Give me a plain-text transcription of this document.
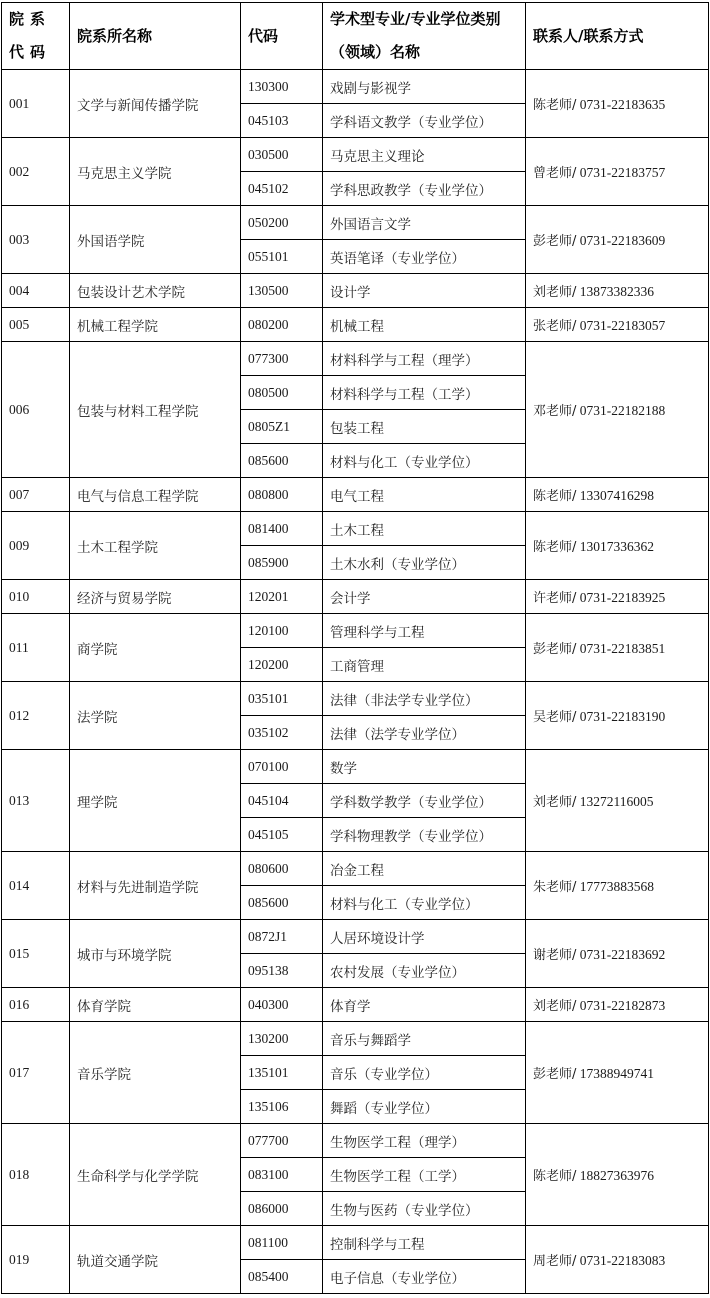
院系代码	院系所名称	代码	学术型专业/专业学位类别（领域）名称	联系人/联系方式
001	文学与新闻传播学院	130300	戏剧与影视学	陈老师/ 0731-22183635
		045103	学科语文教学（专业学位）	
002	马克思主义学院	030500	马克思主义理论	曾老师/ 0731-22183757
		045102	学科思政教学（专业学位）	
003	外国语学院	050200	外国语言文学	彭老师/ 0731-22183609
		055101	英语笔译（专业学位）	
004	包装设计艺术学院	130500	设计学	刘老师/ 13873382336
005	机械工程学院	080200	机械工程	张老师/ 0731-22183057
006	包装与材料工程学院	077300	材料科学与工程（理学）	邓老师/ 0731-22182188
		080500	材料科学与工程（工学）	
		0805Z1	包装工程	
		085600	材料与化工（专业学位）	
007	电气与信息工程学院	080800	电气工程	陈老师/ 13307416298
009	土木工程学院	081400	土木工程	陈老师/ 13017336362
		085900	土木水利（专业学位）	
010	经济与贸易学院	120201	会计学	许老师/ 0731-22183925
011	商学院	120100	管理科学与工程	彭老师/ 0731-22183851
		120200	工商管理	
012	法学院	035101	法律（非法学专业学位）	吴老师/ 0731-22183190
		035102	法律（法学专业学位）	
013	理学院	070100	数学	刘老师/ 13272116005
		045104	学科数学教学（专业学位）	
		045105	学科物理教学（专业学位）	
014	材料与先进制造学院	080600	冶金工程	朱老师/ 17773883568
		085600	材料与化工（专业学位）	
015	城市与环境学院	0872J1	人居环境设计学	谢老师/ 0731-22183692
		095138	农村发展（专业学位）	
016	体育学院	040300	体育学	刘老师/ 0731-22182873
017	音乐学院	130200	音乐与舞蹈学	彭老师/ 17388949741
		135101	音乐（专业学位）	
		135106	舞蹈（专业学位）	
018	生命科学与化学学院	077700	生物医学工程（理学）	陈老师/ 18827363976
		083100	生物医学工程（工学）	
		086000	生物与医药（专业学位）	
019	轨道交通学院	081100	控制科学与工程	周老师/ 0731-22183083
		085400	电子信息（专业学位）	
